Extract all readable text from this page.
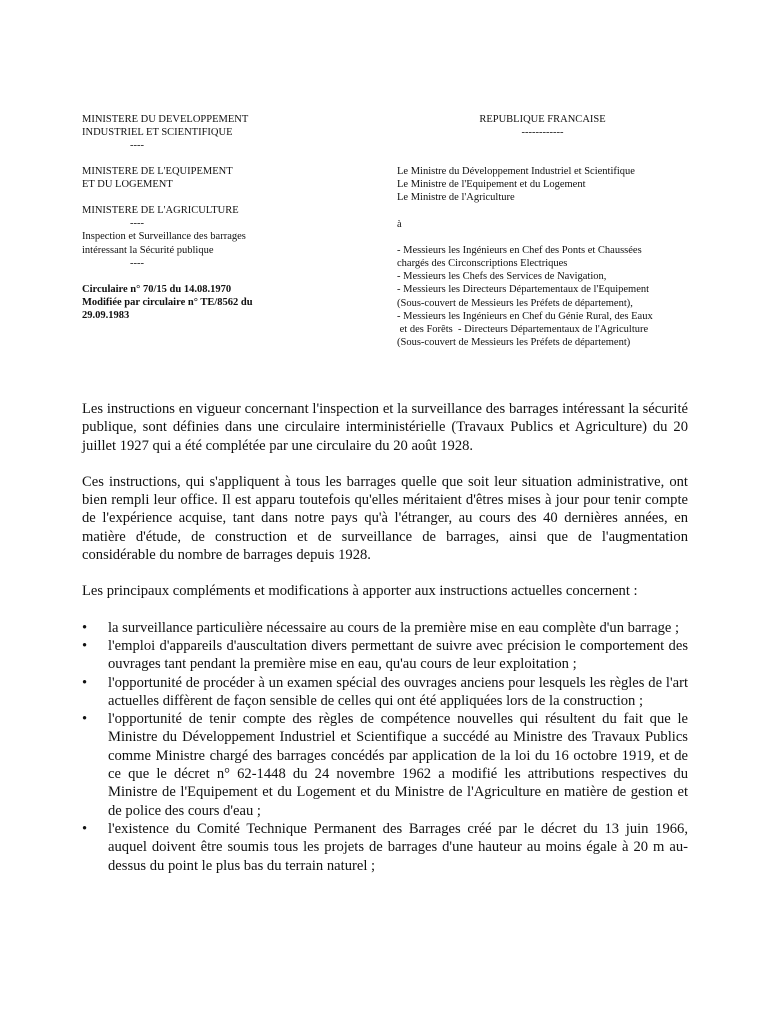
MINISTERE DU DEVELOPPEMENT
INDUSTRIEL ET SCIENTIFIQUE
----
MINISTERE DE L'EQUIPEMENT
ET DU LOGEMENT
MINISTERE DE L'AGRICULTURE
----
Inspection et Surveillance des barrages
intéressant la Sécurité publique
----
Circulaire n° 70/15 du 14.08.1970
Modifiée par circulaire n° TE/8562 du
29.09.1983
REPUBLIQUE FRANCAISE
------------
Le Ministre du Développement Industriel et Scientifique
Le Ministre de l'Equipement et du Logement
Le Ministre de l'Agriculture
à
- Messieurs les Ingénieurs en Chef des Ponts et Chaussées
chargés des Circonscriptions Electriques
- Messieurs les Chefs des Services de Navigation,
- Messieurs les Directeurs Départementaux de l'Equipement
(Sous-couvert de Messieurs les Préfets de département),
- Messieurs les Ingénieurs en Chef du Génie Rural, des Eaux
et des Forêts  - Directeurs Départementaux de l'Agriculture
(Sous-couvert de Messieurs les Préfets de département)

Les instructions en vigueur concernant l'inspection et la surveillance des barrages intéressant la sécurité publique, sont définies dans une circulaire interministérielle (Travaux Publics et Agriculture) du 20 juillet 1927 qui a été complétée par une circulaire du 20 août 1928.

Ces instructions, qui s'appliquent à tous les barrages quelle que soit leur situation administrative, ont bien rempli leur office. Il est apparu toutefois qu'elles méritaient d'êtres mises à jour pour tenir compte de l'expérience acquise, tant dans notre pays qu'à l'étranger, au cours des 40 dernières années, en matière d'étude, de construction et de surveillance de barrages, ainsi que de l'augmentation considérable du nombre de barrages depuis 1928.

Les principaux compléments et modifications à apporter aux instructions actuelles concernent :

• la surveillance particulière nécessaire au cours de la première mise en eau complète d'un barrage ;
• l'emploi d'appareils d'auscultation divers permettant de suivre avec précision le comportement des ouvrages tant pendant la première mise en eau, qu'au cours de leur exploitation ;
• l'opportunité de procéder à un examen spécial des ouvrages anciens pour lesquels les règles de l'art actuelles diffèrent de façon sensible de celles qui ont été appliquées lors de la construction ;
• l'opportunité de tenir compte des règles de compétence nouvelles qui résultent du fait que le Ministre du Développement Industriel et Scientifique a succédé au Ministre des Travaux Publics comme Ministre chargé des barrages concédés par application de la loi du 16 octobre 1919, et de ce que le décret n° 62-1448 du 24 novembre 1962 a modifié les attributions respectives du Ministre de l'Equipement et du Logement et du Ministre de l'Agriculture en matière de gestion et de police des cours d'eau ;
• l'existence du Comité Technique Permanent des Barrages créé par le décret du 13 juin 1966, auquel doivent être soumis tous les projets de barrages d'une hauteur au moins égale à 20 m au-dessus du point le plus bas du terrain naturel ;
